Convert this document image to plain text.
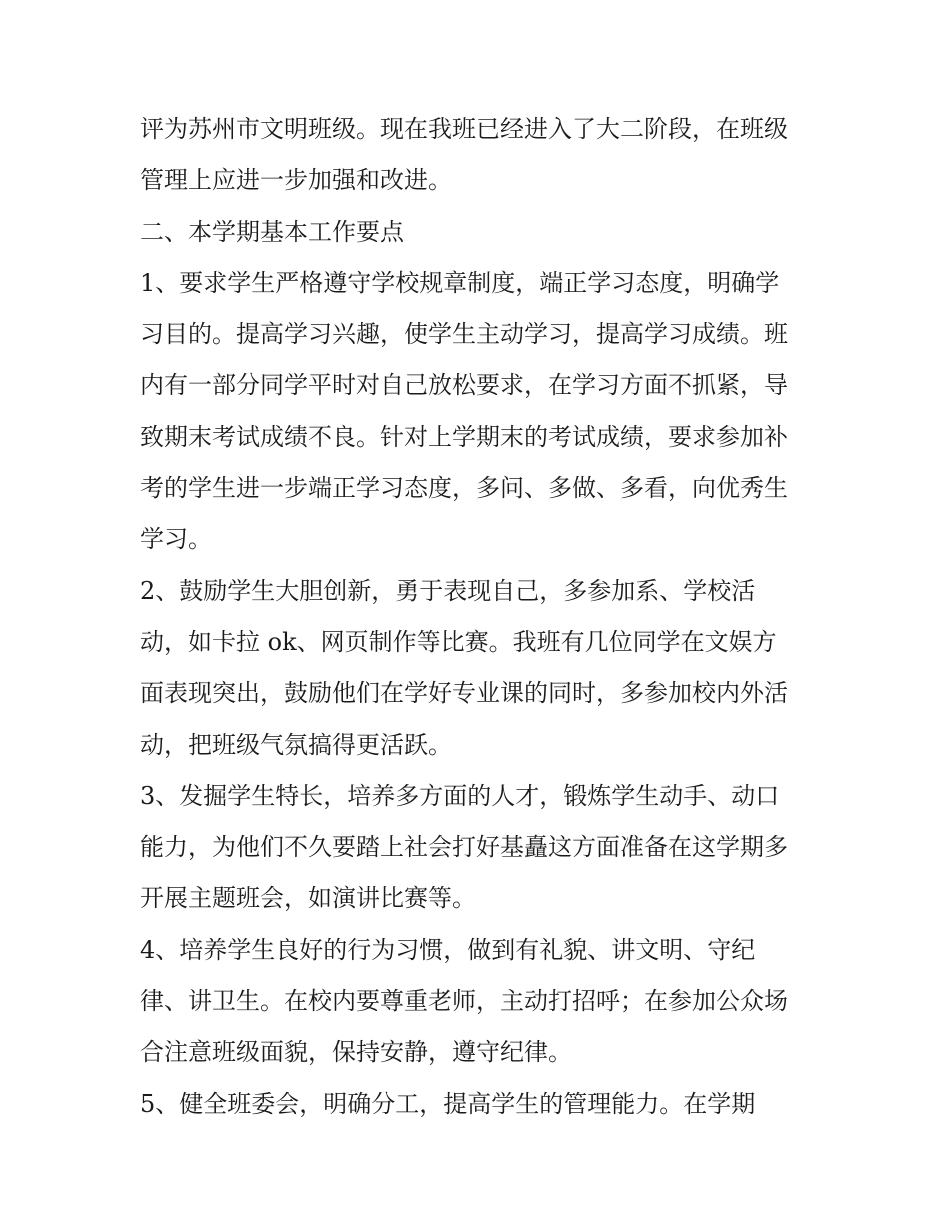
评为苏州市文明班级。现在我班已经进入了大二阶段，在班级
管理上应进一步加强和改进。
二、本学期基本工作要点
1、要求学生严格遵守学校规章制度，端正学习态度，明确学
习目的。提高学习兴趣，使学生主动学习，提高学习成绩。班
内有一部分同学平时对自己放松要求，在学习方面不抓紧，导
致期末考试成绩不良。针对上学期末的考试成绩，要求参加补
考的学生进一步端正学习态度，多问、多做、多看，向优秀生
学习。
2、鼓励学生大胆创新，勇于表现自己，多参加系、学校活
动，如卡拉 ok、网页制作等比赛。我班有几位同学在文娱方
面表现突出，鼓励他们在学好专业课的同时，多参加校内外活
动，把班级气氛搞得更活跃。
3、发掘学生特长，培养多方面的人才，锻炼学生动手、动口
能力，为他们不久要踏上社会打好基矗这方面准备在这学期多
开展主题班会，如演讲比赛等。
4、培养学生良好的行为习惯，做到有礼貌、讲文明、守纪
律、讲卫生。在校内要尊重老师，主动打招呼；在参加公众场
合注意班级面貌，保持安静，遵守纪律。
5、健全班委会，明确分工，提高学生的管理能力。在学期
